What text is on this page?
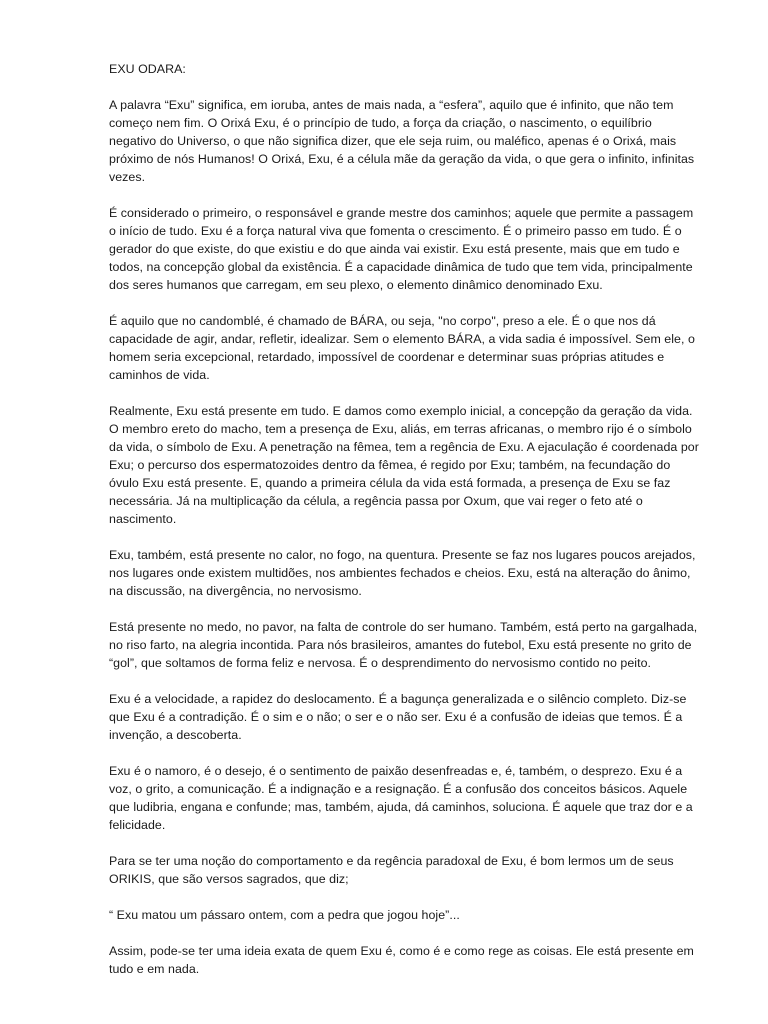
EXU ODARA:

A palavra “Exu” significa, em ioruba, antes de mais nada, a “esfera”, aquilo que é infinito, que não tem começo nem fim. O Orixá Exu, é o princípio de tudo, a força da criação, o nascimento, o equilíbrio negativo do Universo, o que não significa dizer, que ele seja ruim, ou maléfico, apenas é o Orixá, mais próximo de nós Humanos! O Orixá, Exu, é a célula mãe da geração da vida, o que gera o infinito, infinitas vezes.

É considerado o primeiro, o responsável e grande mestre dos caminhos; aquele que permite a passagem o início de tudo. Exu é a força natural viva que fomenta o crescimento. É o primeiro passo em tudo. É o gerador do que existe, do que existiu e do que ainda vai existir. Exu está presente, mais que em tudo e todos, na concepção global da existência. É a capacidade dinâmica de tudo que tem vida, principalmente dos seres humanos que carregam, em seu plexo, o elemento dinâmico denominado Exu.

É aquilo que no candomblé, é chamado de BÁRA, ou seja, "no corpo", preso a ele. É o que nos dá capacidade de agir, andar, refletir, idealizar. Sem o elemento BÁRA, a vida sadia é impossível. Sem ele, o homem seria excepcional, retardado, impossível de coordenar e determinar suas próprias atitudes e caminhos de vida.

Realmente, Exu está presente em tudo. E damos como exemplo inicial, a concepção da geração da vida. O membro ereto do macho, tem a presença de Exu, aliás, em terras africanas, o membro rijo é o símbolo da vida, o símbolo de Exu. A penetração na fêmea, tem a regência de Exu. A ejaculação é coordenada por Exu; o percurso dos espermatozoides dentro da fêmea, é regido por Exu; também, na fecundação do óvulo Exu está presente. E, quando a primeira célula da vida está formada, a presença de Exu se faz necessária. Já na multiplicação da célula, a regência passa por Oxum, que vai reger o feto até o nascimento.

Exu, também, está presente no calor, no fogo, na quentura. Presente se faz nos lugares poucos arejados, nos lugares onde existem multidões, nos ambientes fechados e cheios. Exu, está na alteração do ânimo, na discussão, na divergência, no nervosismo.

Está presente no medo, no pavor, na falta de controle do ser humano. Também, está perto na gargalhada, no riso farto, na alegria incontida. Para nós brasileiros, amantes do futebol, Exu está presente no grito de “gol”, que soltamos de forma feliz e nervosa. É o desprendimento do nervosismo contido no peito.

Exu é a velocidade, a rapidez do deslocamento. É a bagunça generalizada e o silêncio completo. Diz-se que Exu é a contradição. É o sim e o não; o ser e o não ser. Exu é a confusão de ideias que temos. É a invenção, a descoberta.

Exu é o namoro, é o desejo, é o sentimento de paixão desenfreadas e, é, também, o desprezo. Exu é a voz, o grito, a comunicação. É a indignação e a resignação. É a confusão dos conceitos básicos. Aquele que ludibria, engana e confunde; mas, também, ajuda, dá caminhos, soluciona. É aquele que traz dor e a felicidade.

Para se ter uma noção do comportamento e da regência paradoxal de Exu, é bom lermos um de seus ORIKIS, que são versos sagrados, que diz;

“ Exu matou um pássaro ontem, com a pedra que jogou hoje”...

Assim, pode-se ter uma ideia exata de quem Exu é, como é e como rege as coisas. Ele está presente em tudo e em nada.
